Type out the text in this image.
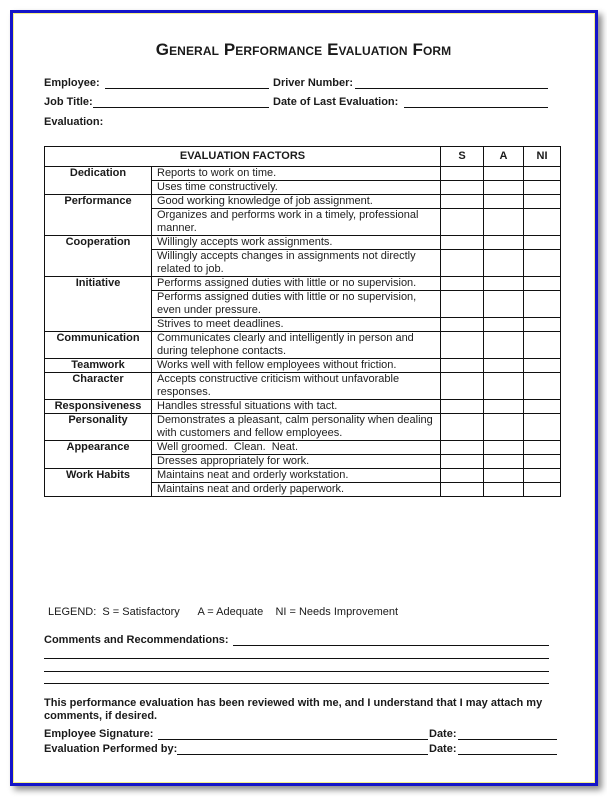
General Performance Evaluation Form
Employee:	Driver Number:
Job Title:	Date of Last Evaluation:
Evaluation:
EVALUATION FACTORS		S	A	NI
Dedication	Reports to work on time.			
	Uses time constructively.			
Performance	Good working knowledge of job assignment.			
	Organizes and performs work in a timely, professional manner.			
Cooperation	Willingly accepts work assignments.			
	Willingly accepts changes in assignments not directly related to job.			
Initiative	Performs assigned duties with little or no supervision.			
	Performs assigned duties with little or no supervision, even under pressure.			
	Strives to meet deadlines.			
Communication	Communicates clearly and intelligently in person and during telephone contacts.			
Teamwork	Works well with fellow employees without friction.			
Character	Accepts constructive criticism without unfavorable responses.			
Responsiveness	Handles stressful situations with tact.			
Personality	Demonstrates a pleasant, calm personality when dealing with customers and fellow employees.			
Appearance	Well groomed.  Clean.  Neat.			
	Dresses appropriately for work.			
Work Habits	Maintains neat and orderly workstation.			
	Maintains neat and orderly paperwork.			
LEGEND:  S = Satisfactory      A = Adequate    NI = Needs Improvement
Comments and Recommendations:
This performance evaluation has been reviewed with me, and I understand that I may attach my comments, if desired.
Employee Signature:	Date:
Evaluation Performed by:	Date:
